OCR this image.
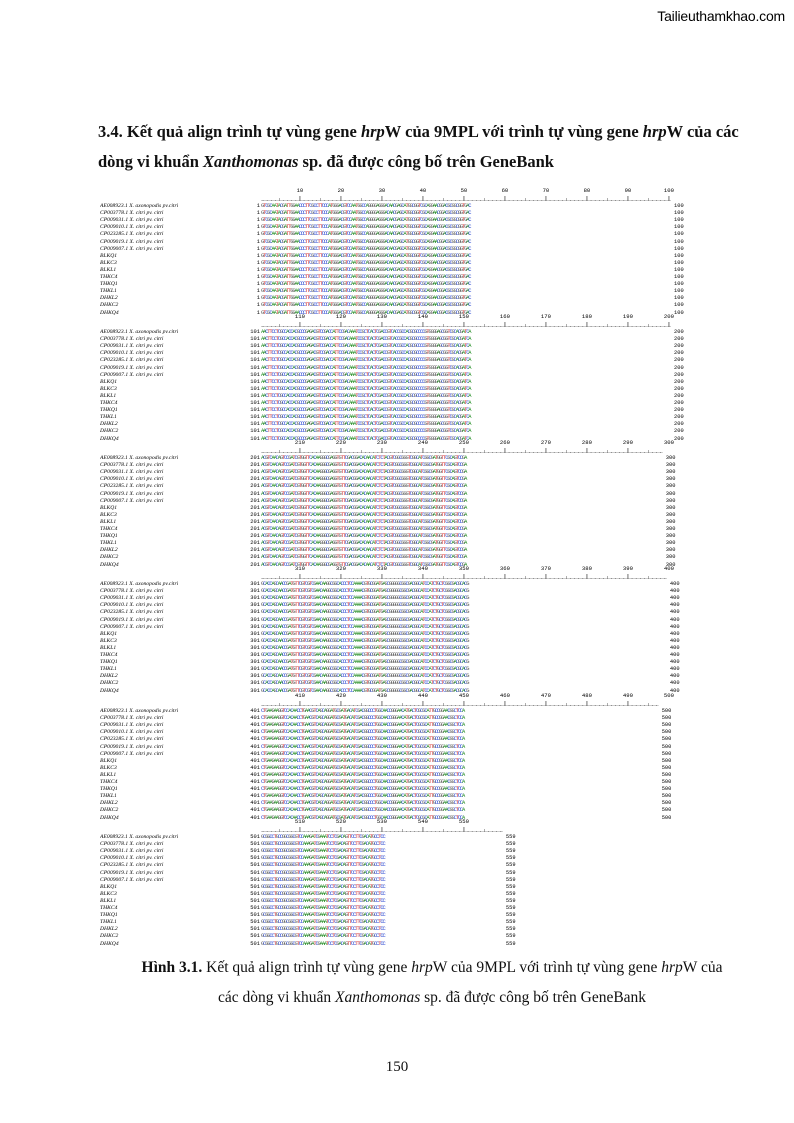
Tailieuthamkhao.com
3.4. Kết quả align trình tự vùng gene hrpW của 9MPL với trình tự vùng gene hrpW của các dòng vi khuẩn Xanthomonas sp. đã được công bố trên GeneBank
10	20	30	40	50	60	70	80	90	100
AE008923.1 X. axonopodis pv.citri	1 GTCGCAATACGATTGGAACCCTTCGCCTTCCCATGGGACGTCCAATGGCCAGGGGAGGGACAACGAGCATGGCGGTCGCAGGAACGGACGCGGCGGTGAC	100
CP003778.1 X. citri pv. citri	1 GTCGCAATACGATTGGAACCCTTCGCCTTCCCATGGGACGTCCAATGGCCAGGGGAGGGACAACGAGCATGGCGGTCGCAGGAACGGACGCGGCGGTGAC	100
CP009031.1 X. citri pv. citri	1 GTCGCAATACGATTGGAACCCTTCGCCTTCCCATGGGACGTCCAATGGCCAGGGGAGGGACAACGAGCATGGCGGTCGCAGGAACGGACGCGGCGGTGAC	100
CP009010.1 X. citri pv. citri	1 GTCGCAATACGATTGGAACCCTTCGCCTTCCCATGGGACGTCCAATGGCCAGGGGAGGGACAACGAGCATGGCGGTCGCAGGAACGGACGCGGCGGTGAC	100
CP023285.1 X. citri pv. citri	1 GTCGCAATACGATTGGAACCCTTCGCCTTCCCATGGGACGTCCAATGGCCAGGGGAGGGACAACGAGCATGGCGGTCGCAGGAACGGACGCGGCGGTGAC	100
CP009019.1 X. citri pv. citri	1 GTCGCAATACGATTGGAACCCTTCGCCTTCCCATGGGACGTCCAATGGCCAGGGGAGGGACAACGAGCATGGCGGTCGCAGGAACGGACGCGGCGGTGAC	100
CP009007.1 X. citri pv. citri	1 GTCGCAATACGATTGGAACCCTTCGCCTTCCCATGGGACGTCCAATGGCCAGGGGAGGGACAACGAGCATGGCGGTCGCAGGAACGGACGCGGCGGTGAC	100
BLKQ1	1 GTCGCAATACGATTGGAACCCTTCGCCTTCCCATGGGACGTCCAATGGCCAGGGGAGGGACAACGAGCATGGCGGTCGCAGGAACGGACGCGGCGGTGAC	100
BLKC3	1 GTCGCAATACGATTGGAACCCTTCGCCTTCCCATGGGACGTCCAATGGCCAGGGGAGGGACAACGAGCATGGCGGTCGCAGGAACGGACGCGGCGGTGAC	100
BLKL1	1 GTCGCAATACGATTGGAACCCTTCGCCTTCCCATGGGACGTCCAATGGCCAGGGGAGGGACAACGAGCATGGCGGTCGCAGGAACGGACGCGGCGGTGAC	100
THKC4	1 GTCGCAATACGATTGGAACCCTTCGCCTTCCCATGGGACGTCCAATGGCCAGGGGAGGGACAACGAGCATGGCGGTCGCAGGAACGGACGCGGCGGTGAC	100
THKQ1	1 GTCGCAATACGATTGGAACCCTTCGCCTTCCCATGGGACGTCCAATGGCCAGGGGAGGGACAACGAGCATGGCGGTCGCAGGAACGGACGCGGCGGTGAC	100
THKL1	1 GTCGCAATACGATTGGAACCCTTCGCCTTCCCATGGGACGTCCAATGGCCAGGGGAGGGACAACGAGCATGGCGGTCGCAGGAACGGACGCGGCGGTGAC	100
DHKL2	1 GTCGCAATACGATTGGAACCCTTCGCCTTCCCATGGGACGTCCAATGGCCAGGGGAGGGACAACGAGCATGGCGGTCGCAGGAACGGACGCGGCGGTGAC	100
DHKC2	1 GTCGCAATACGATTGGAACCCTTCGCCTTCCCATGGGACGTCCAATGGCCAGGGGAGGGACAACGAGCATGGCGGTCGCAGGAACGGACGCGGCGGTGAC	100
DHKQ4	1 GTCGCAATACGATTGGAACCCTTCGCCTTCCCATGGGACGTCCAATGGCCAGGGGAGGGACAACGAGCATGGCGGTCGCAGGAACGGACGCGGCGGTGAC	100
110	120	130	140	150	160	170	180	190	200
AE008923.1 X. axonopodis pv.citri	101 AACTTCCTCGCCACCACGCCCGAGACGTCCGACCATTCCGACAAATCCGCTCACTCGACCGTCACCGCCACGCGCCCCGTGGGGAGCGGTCGCACGATCA	200
CP003778.1 X. citri pv. citri	101 AACTTCCTCGCCACCACGCCCGAGACGTCCGACCATTCCGACAAATCCGCTCACTCGACCGTCACCGCCACGCGCCCCGTGGGGAGCGGTCGCACGATCA	200
CP009031.1 X. citri pv. citri	101 AACTTCCTCGCCACCACGCCCGAGACGTCCGACCATTCCGACAAATCCGCTCACTCGACCGTCACCGCCACGCGCCCCGTGGGGAGCGGTCGCACGATCA	200
CP009010.1 X. citri pv. citri	101 AACTTCCTCGCCACCACGCCCGAGACGTCCGACCATTCCGACAAATCCGCTCACTCGACCGTCACCGCCACGCGCCCCGTGGGGAGCGGTCGCACGATCA	200
CP023285.1 X. citri pv. citri	101 AACTTCCTCGCCACCACGCCCGAGACGTCCGACCATTCCGACAAATCCGCTCACTCGACCGTCACCGCCACGCGCCCCGTGGGGAGCGGTCGCACGATCA	200
CP009019.1 X. citri pv. citri	101 AACTTCCTCGCCACCACGCCCGAGACGTCCGACCATTCCGACAAATCCGCTCACTCGACCGTCACCGCCACGCGCCCCGTGGGGAGCGGTCGCACGATCA	200
CP009007.1 X. citri pv. citri	101 AACTTCCTCGCCACCACGCCCGAGACGTCCGACCATTCCGACAAATCCGCTCACTCGACCGTCACCGCCACGCGCCCCGTGGGGAGCGGTCGCACGATCA	200
BLKQ1	101 AACTTCCTCGCCACCACGCCCGAGACGTCCGACCATTCCGACAAATCCGCTCACTCGACCGTCACCGCCACGCGCCCCGTGGGGAGCGGTCGCACGATCA	200
BLKC3	101 AACTTCCTCGCCACCACGCCCGAGACGTCCGACCATTCCGACAAATCCGCTCACTCGACCGTCACCGCCACGCGCCCCGTGGGGAGCGGTCGCACGATCA	200
BLKL1	101 AACTTCCTCGCCACCACGCCCGAGACGTCCGACCATTCCGACAAATCCGCTCACTCGACCGTCACCGCCACGCGCCCCGTGGGGAGCGGTCGCACGATCA	200
THKC4	101 AACTTCCTCGCCACCACGCCCGAGACGTCCGACCATTCCGACAAATCCGCTCACTCGACCGTCACCGCCACGCGCCCCGTGGGGAGCGGTCGCACGATCA	200
THKQ1	101 AACTTCCTCGCCACCACGCCCGAGACGTCCGACCATTCCGACAAATCCGCTCACTCGACCGTCACCGCCACGCGCCCCGTGGGGAGCGGTCGCACGATCA	200
THKL1	101 AACTTCCTCGCCACCACGCCCGAGACGTCCGACCATTCCGACAAATCCGCTCACTCGACCGTCACCGCCACGCGCCCCGTGGGGAGCGGTCGCACGATCA	200
DHKL2	101 AACTTCCTCGCCACCACGCCCGAGACGTCCGACCATTCCGACAAATCCGCTCACTCGACCGTCACCGCCACGCGCCCCGTGGGGAGCGGTCGCACGATCA	200
DHKC2	101 AACTTCCTCGCCACCACGCCCGAGACGTCCGACCATTCCGACAAATCCGCTCACTCGACCGTCACCGCCACGCGCCCCGTGGGGAGCGGTCGCACGATCA	200
DHKQ4	101 AACTTCCTCGCCACCACGCCCGAGACGTCCGACCATTCCGACAAATCCGCTCACTCGACCGTCACCGCCACGCGCCCCGTGGGGAGCGGTCGCACGATCA	200
210	220	230	240	250	260	270	280	290	300
AE008923.1 X. axonopodis pv.citri	201 ACGTCAACAGTCCGATCGTGGTTCACAAGGGCGAGGTGTTCGACGGACACAACATCTCTACGTCGGCGGGTCGGCATCGGCGATGGTTCGCAGTCCGA	300
CP003778.1 X. citri pv. citri	201 ACGTCAACAGTCCGATCGTGGTTCACAAGGGCGAGGTGTTCGACGGACACAACATCTCTACGTCGGCGGGTCGGCATCGGCGATGGTTCGCAGTCCGA	300
CP009031.1 X. citri pv. citri	201 ACGTCAACAGTCCGATCGTGGTTCACAAGGGCGAGGTGTTCGACGGACACAACATCTCTACGTCGGCGGGTCGGCATCGGCGATGGTTCGCAGTCCGA	300
CP009010.1 X. citri pv. citri	201 ACGTCAACAGTCCGATCGTGGTTCACAAGGGCGAGGTGTTCGACGGACACAACATCTCTACGTCGGCGGGTCGGCATCGGCGATGGTTCGCAGTCCGA	300
CP023285.1 X. citri pv. citri	201 ACGTCAACAGTCCGATCGTGGTTCACAAGGGCGAGGTGTTCGACGGACACAACATCTCTACGTCGGCGGGTCGGCATCGGCGATGGTTCGCAGTCCGA	300
CP009019.1 X. citri pv. citri	201 ACGTCAACAGTCCGATCGTGGTTCACAAGGGCGAGGTGTTCGACGGACACAACATCTCTACGTCGGCGGGTCGGCATCGGCGATGGTTCGCAGTCCGA	300
CP009007.1 X. citri pv. citri	201 ACGTCAACAGTCCGATCGTGGTTCACAAGGGCGAGGTGTTCGACGGACACAACATCTCTACGTCGGCGGGTCGGCATCGGCGATGGTTCGCAGTCCGA	300
BLKQ1	201 ACGTCAACAGTCCGATCGTGGTTCACAAGGGCGAGGTGTTCGACGGACACAACATCTCTACGTCGGCGGGTCGGCATCGGCGATGGTTCGCAGTCCGA	300
BLKC3	201 ACGTCAACAGTCCGATCGTGGTTCACAAGGGCGAGGTGTTCGACGGACACAACATCTCTACGTCGGCGGGTCGGCATCGGCGATGGTTCGCAGTCCGA	300
BLKL1	201 ACGTCAACAGTCCGATCGTGGTTCACAAGGGCGAGGTGTTCGACGGACACAACATCTCTACGTCGGCGGGTCGGCATCGGCGATGGTTCGCAGTCCGA	300
THKC4	201 ACGTCAACAGTCCGATCGTGGTTCACAAGGGCGAGGTGTTCGACGGACACAACATCTCTACGTCGGCGGGTCGGCATCGGCGATGGTTCGCAGTCCGA	300
THKQ1	201 ACGTCAACAGTCCGATCGTGGTTCACAAGGGCGAGGTGTTCGACGGACACAACATCTCTACGTCGGCGGGTCGGCATCGGCGATGGTTCGCAGTCCGA	300
THKL1	201 ACGTCAACAGTCCGATCGTGGTTCACAAGGGCGAGGTGTTCGACGGACACAACATCTCTACGTCGGCGGGTCGGCATCGGCGATGGTTCGCAGTCCGA	300
DHKL2	201 ACGTCAACAGTCCGATCGTGGTTCACAAGGGCGAGGTGTTCGACGGACACAACATCTCTACGTCGGCGGGTCGGCATCGGCGATGGTTCGCAGTCCGA	300
DHKC2	201 ACGTCAACAGTCCGATCGTGGTTCACAAGGGCGAGGTGTTCGACGGACACAACATCTCTACGTCGGCGGGTCGGCATCGGCGATGGTTCGCAGTCCGA	300
DHKQ4	201 ACGTCAACAGTCCGATCGTGGTTCACAAGGGCGAGGTGTTCGACGGACACAACATCTCTACGTCGGCGGGTCGGCATCGGCGATGGTTCGCAGTCCGA	300
310	320	330	340	350	360	370	380	390	400
AE008923.1 X. axonopodis pv.citri	301 GCACCAGCAACCGATGTTCGTCGTCGAACAAGGCGGCACCCTCCAAAACGTGCGGATGAGCGGGGGCGGCGACGGCATCCATCTGCTCGGCGACGCACG	400
CP003778.1 X. citri pv. citri	301 GCACCAGCAACCGATGTTCGTCGTCGAACAAGGCGGCACCCTCCAAAACGTGCGGATGAGCGGGGGCGGCGACGGCATCCATCTGCTCGGCGACGCACG	400
CP009031.1 X. citri pv. citri	301 GCACCAGCAACCGATGTTCGTCGTCGAACAAGGCGGCACCCTCCAAAACGTGCGGATGAGCGGGGGCGGCGACGGCATCCATCTGCTCGGCGACGCACG	400
CP009010.1 X. citri pv. citri	301 GCACCAGCAACCGATGTTCGTCGTCGAACAAGGCGGCACCCTCCAAAACGTGCGGATGAGCGGGGGCGGCGACGGCATCCATCTGCTCGGCGACGCACG	400
CP023285.1 X. citri pv. citri	301 GCACCAGCAACCGATGTTCGTCGTCGAACAAGGCGGCACCCTCCAAAACGTGCGGATGAGCGGGGGCGGCGACGGCATCCATCTGCTCGGCGACGCACG	400
CP009019.1 X. citri pv. citri	301 GCACCAGCAACCGATGTTCGTCGTCGAACAAGGCGGCACCCTCCAAAACGTGCGGATGAGCGGGGGCGGCGACGGCATCCATCTGCTCGGCGACGCACG	400
CP009007.1 X. citri pv. citri	301 GCACCAGCAACCGATGTTCGTCGTCGAACAAGGCGGCACCCTCCAAAACGTGCGGATGAGCGGGGGCGGCGACGGCATCCATCTGCTCGGCGACGCACG	400
BLKQ1	301 GCACCAGCAACCGATGTTCGTCGTCGAACAAGGCGGCACCCTCCAAAACGTGCGGATGAGCGGGGGCGGCGACGGCATCCATCTGCTCGGCGACGCACG	400
BLKC3	301 GCACCAGCAACCGATGTTCGTCGTCGAACAAGGCGGCACCCTCCAAAACGTGCGGATGAGCGGGGGCGGCGACGGCATCCATCTGCTCGGCGACGCACG	400
BLKL1	301 GCACCAGCAACCGATGTTCGTCGTCGAACAAGGCGGCACCCTCCAAAACGTGCGGATGAGCGGGGGCGGCGACGGCATCCATCTGCTCGGCGACGCACG	400
THKC4	301 GCACCAGCAACCGATGTTCGTCGTCGAACAAGGCGGCACCCTCCAAAACGTGCGGATGAGCGGGGGCGGCGACGGCATCCATCTGCTCGGCGACGCACG	400
THKQ1	301 GCACCAGCAACCGATGTTCGTCGTCGAACAAGGCGGCACCCTCCAAAACGTGCGGATGAGCGGGGGCGGCGACGGCATCCATCTGCTCGGCGACGCACG	400
THKL1	301 GCACCAGCAACCGATGTTCGTCGTCGAACAAGGCGGCACCCTCCAAAACGTGCGGATGAGCGGGGGCGGCGACGGCATCCATCTGCTCGGCGACGCACG	400
DHKL2	301 GCACCAGCAACCGATGTTCGTCGTCGAACAAGGCGGCACCCTCCAAAACGTGCGGATGAGCGGGGGCGGCGACGGCATCCATCTGCTCGGCGACGCACG	400
DHKC2	301 GCACCAGCAACCGATGTTCGTCGTCGAACAAGGCGGCACCCTCCAAAACGTGCGGATGAGCGGGGGCGGCGACGGCATCCATCTGCTCGGCGACGCACG	400
DHKQ4	301 GCACCAGCAACCGATGTTCGTCGTCGAACAAGGCGGCACCCTCCAAAACGTGCGGATGAGCGGGGGCGGCGACGGCATCCATCTGCTCGGCGACGCACG	400
410	420	430	440	450	460	470	480	490	500
AE008923.1 X. axonopodis pv.citri	401 CTGAAGAAGGTCCACAACCTGAACGTCAGCAGGATGCGATGACATCGACGGCCCTGGCAACCGGGAACATGACTCGCGCATTGCCGGAACGGCTCCA	500
CP003778.1 X. citri pv. citri	401 CTGAAGAAGGTCCACAACCTGAACGTCAGCAGGATGCGATGACATCGACGGCCCTGGCAACCGGGAACATGACTCGCGCATTGCCGGAACGGCTCCA	500
CP009031.1 X. citri pv. citri	401 CTGAAGAAGGTCCACAACCTGAACGTCAGCAGGATGCGATGACATCGACGGCCCTGGCAACCGGGAACATGACTCGCGCATTGCCGGAACGGCTCCA	500
CP009010.1 X. citri pv. citri	401 CTGAAGAAGGTCCACAACCTGAACGTCAGCAGGATGCGATGACATCGACGGCCCTGGCAACCGGGAACATGACTCGCGCATTGCCGGAACGGCTCCA	500
CP023285.1 X. citri pv. citri	401 CTGAAGAAGGTCCACAACCTGAACGTCAGCAGGATGCGATGACATCGACGGCCCTGGCAACCGGGAACATGACTCGCGCATTGCCGGAACGGCTCCA	500
CP009019.1 X. citri pv. citri	401 CTGAAGAAGGTCCACAACCTGAACGTCAGCAGGATGCGATGACATCGACGGCCCTGGCAACCGGGAACATGACTCGCGCATTGCCGGAACGGCTCCA	500
CP009007.1 X. citri pv. citri	401 CTGAAGAAGGTCCACAACCTGAACGTCAGCAGGATGCGATGACATCGACGGCCCTGGCAACCGGGAACATGACTCGCGCATTGCCGGAACGGCTCCA	500
BLKQ1	401 CTGAAGAAGGTCCACAACCTGAACGTCAGCAGGATGCGATGACATCGACGGCCCTGGCAACCGGGAACATGACTCGCGCATTGCCGGAACGGCTCCA	500
BLKC3	401 CTGAAGAAGGTCCACAACCTGAACGTCAGCAGGATGCGATGACATCGACGGCCCTGGCAACCGGGAACATGACTCGCGCATTGCCGGAACGGCTCCA	500
BLKL1	401 CTGAAGAAGGTCCACAACCTGAACGTCAGCAGGATGCGATGACATCGACGGCCCTGGCAACCGGGAACATGACTCGCGCATTGCCGGAACGGCTCCA	500
THKC4	401 CTGAAGAAGGTCCACAACCTGAACGTCAGCAGGATGCGATGACATCGACGGCCCTGGCAACCGGGAACATGACTCGCGCATTGCCGGAACGGCTCCA	500
THKQ1	401 CTGAAGAAGGTCCACAACCTGAACGTCAGCAGGATGCGATGACATCGACGGCCCTGGCAACCGGGAACATGACTCGCGCATTGCCGGAACGGCTCCA	500
THKL1	401 CTGAAGAAGGTCCACAACCTGAACGTCAGCAGGATGCGATGACATCGACGGCCCTGGCAACCGGGAACATGACTCGCGCATTGCCGGAACGGCTCCA	500
DHKL2	401 CTGAAGAAGGTCCACAACCTGAACGTCAGCAGGATGCGATGACATCGACGGCCCTGGCAACCGGGAACATGACTCGCGCATTGCCGGAACGGCTCCA	500
DHKC2	401 CTGAAGAAGGTCCACAACCTGAACGTCAGCAGGATGCGATGACATCGACGGCCCTGGCAACCGGGAACATGACTCGCGCATTGCCGGAACGGCTCCA	500
DHKQ4	401 CTGAAGAAGGTCCACAACCTGAACGTCAGCAGGATGCGATGACATCGACGGCCCTGGCAACCGGGAACATGACTCGCGCATTGCCGGAACGGCTCCA	500
510	520	530	540	550
AE008923.1 X. axonopodis pv.citri	501 GCGGCCTGCCGGCGGCGTCCAAAGATCGAAATCCTCGACAGTTCCTTCGACATGCCTCC	559
CP003778.1 X. citri pv. citri	501 GCGGCCTGCCGGCGGCGTCCAAAGATCGAAATCCTCGACAGTTCCTTCGACATGCCTCC	559
CP009031.1 X. citri pv. citri	501 GCGGCCTGCCGGCGGCGTCCAAAGATCGAAATCCTCGACAGTTCCTTCGACATGCCTCC	559
CP009010.1 X. citri pv. citri	501 GCGGCCTGCCGGCGGCGTCCAAAGATCGAAATCCTCGACAGTTCCTTCGACATGCCTCC	559
CP023285.1 X. citri pv. citri	501 GCGGCCTGCCGGCGGCGTCCAAAGATCGAAATCCTCGACAGTTCCTTCGACATGCCTCC	559
CP009019.1 X. citri pv. citri	501 GCGGCCTGCCGGCGGCGTCCAAAGATCGAAATCCTCGACAGTTCCTTCGACATGCCTCC	559
CP009007.1 X. citri pv. citri	501 GCGGCCTGCCGGCGGCGTCCAAAGATCGAAATCCTCGACAGTTCCTTCGACATGCCTCC	559
BLKQ1	501 GCGGCCTGCCGGCGGCGTCCAAAGATCGAAATCCTCGACAGTTCCTTCGACATGCCTCC	559
BLKC3	501 GCGGCCTGCCGGCGGCGTCCAAAGATCGAAATCCTCGACAGTTCCTTCGACATGCCTCC	559
BLKL1	501 GCGGCCTGCCGGCGGCGTCCAAAGATCGAAATCCTCGACAGTTCCTTCGACATGCCTCC	559
THKC4	501 GCGGCCTGCCGGCGGCGTCCAAAGATCGAAATCCTCGACAGTTCCTTCGACATGCCTCC	559
THKQ1	501 GCGGCCTGCCGGCGGCGTCCAAAGATCGAAATCCTCGACAGTTCCTTCGACATGCCTCC	559
THKL1	501 GCGGCCTGCCGGCGGCGTCCAAAGATCGAAATCCTCGACAGTTCCTTCGACATGCCTCC	559
DHKL2	501 GCGGCCTGCCGGCGGCGTCCAAAGATCGAAATCCTCGACAGTTCCTTCGACATGCCTCC	559
DHKC2	501 GCGGCCTGCCGGCGGCGTCCAAAGATCGAAATCCTCGACAGTTCCTTCGACATGCCTCC	559
DHKQ4	501 GCGGCCTGCCGGCGGCGTCCAAAGATCGAAATCCTCGACAGTTCCTTCGACATGCCTCC	559
Hình 3.1. Kết quả align trình tự vùng gene hrpW của 9MPL với trình tự vùng gene hrpW của
các dòng vi khuẩn Xanthomonas sp. đã được công bố trên GeneBank
150
